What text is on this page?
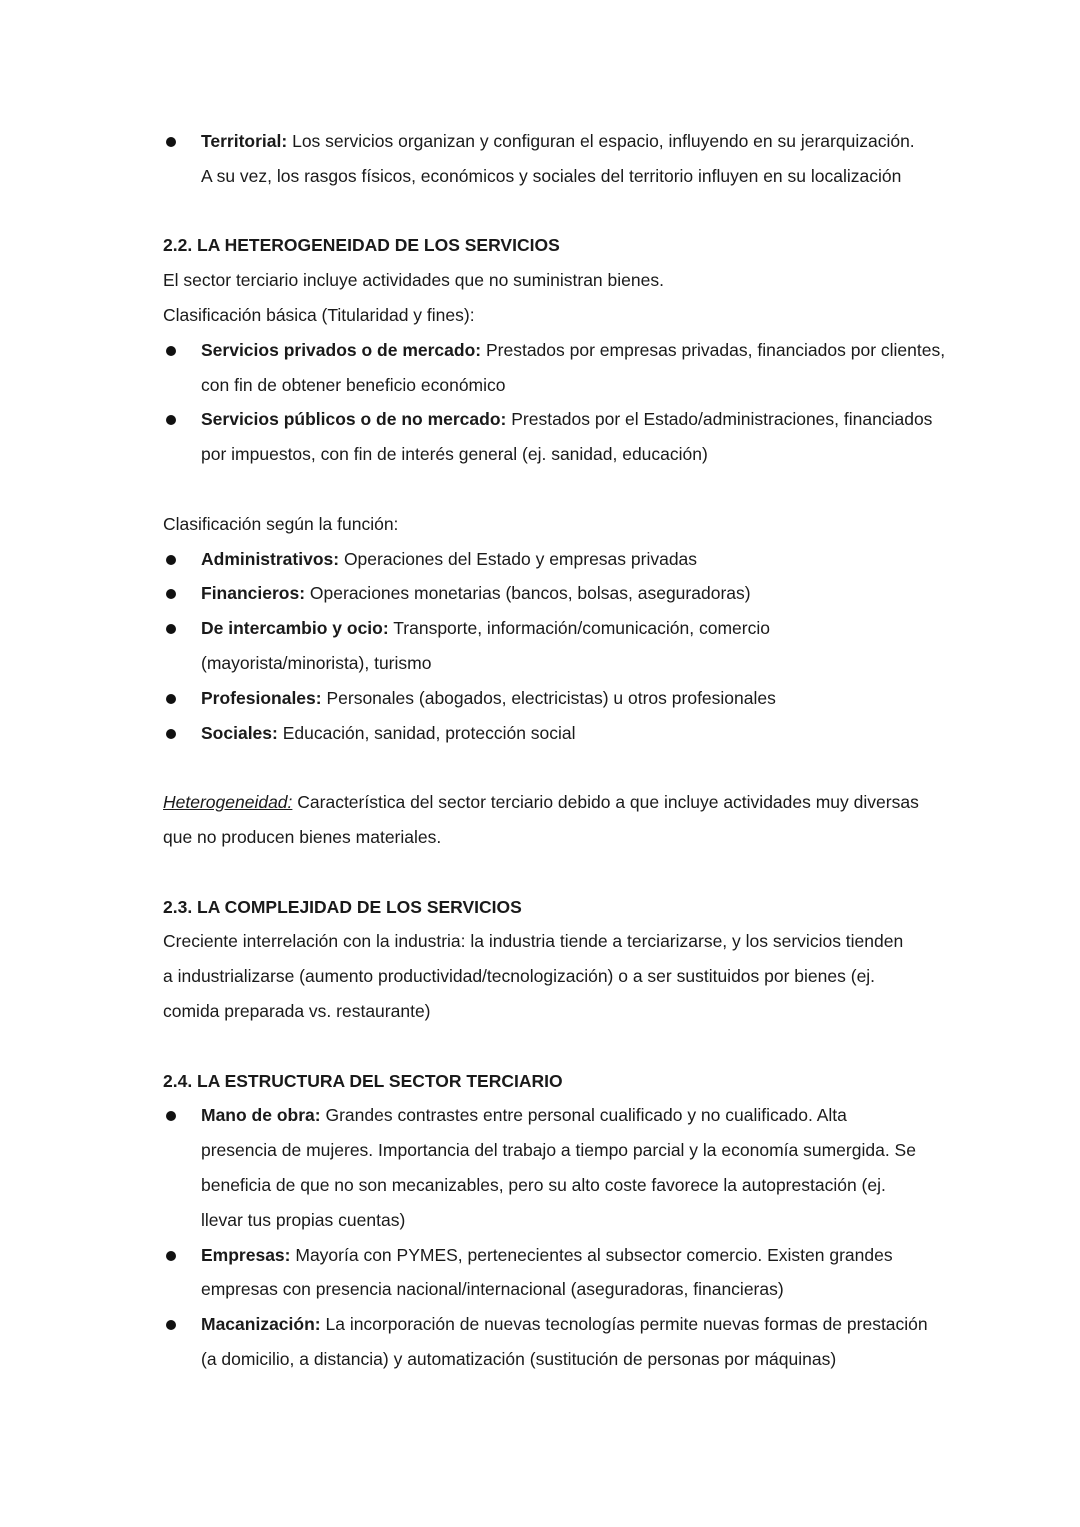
Territorial: Los servicios organizan y configuran el espacio, influyendo en su jerarquización.
A su vez, los rasgos físicos, económicos y sociales del territorio influyen en su localización

2.2. LA HETEROGENEIDAD DE LOS SERVICIOS

El sector terciario incluye actividades que no suministran bienes.

Clasificación básica (Titularidad y fines):

Servicios privados o de mercado: Prestados por empresas privadas, financiados por clientes,
con fin de obtener beneficio económico
Servicios públicos o de no mercado: Prestados por el Estado/administraciones, financiados
por impuestos, con fin de interés general (ej. sanidad, educación)

Clasificación según la función:

Administrativos: Operaciones del Estado y empresas privadas
Financieros: Operaciones monetarias (bancos, bolsas, aseguradoras)
De intercambio y ocio: Transporte, información/comunicación, comercio
(mayorista/minorista), turismo
Profesionales: Personales (abogados, electricistas) u otros profesionales
Sociales: Educación, sanidad, protección social

Heterogeneidad: Característica del sector terciario debido a que incluye actividades muy diversas

que no producen bienes materiales.

2.3. LA COMPLEJIDAD DE LOS SERVICIOS

Creciente interrelación con la industria: la industria tiende a terciarizarse, y los servicios tienden

a industrializarse (aumento productividad/tecnologización) o a ser sustituidos por bienes (ej.

comida preparada vs. restaurante)

2.4. LA ESTRUCTURA DEL SECTOR TERCIARIO

Mano de obra: Grandes contrastes entre personal cualificado y no cualificado. Alta
presencia de mujeres. Importancia del trabajo a tiempo parcial y la economía sumergida. Se
beneficia de que no son mecanizables, pero su alto coste favorece la autoprestación (ej.
llevar tus propias cuentas)
Empresas: Mayoría con PYMES, pertenecientes al subsector comercio. Existen grandes
empresas con presencia nacional/internacional (aseguradoras, financieras)
Macanización: La incorporación de nuevas tecnologías permite nuevas formas de prestación
(a domicilio, a distancia) y automatización (sustitución de personas por máquinas)
